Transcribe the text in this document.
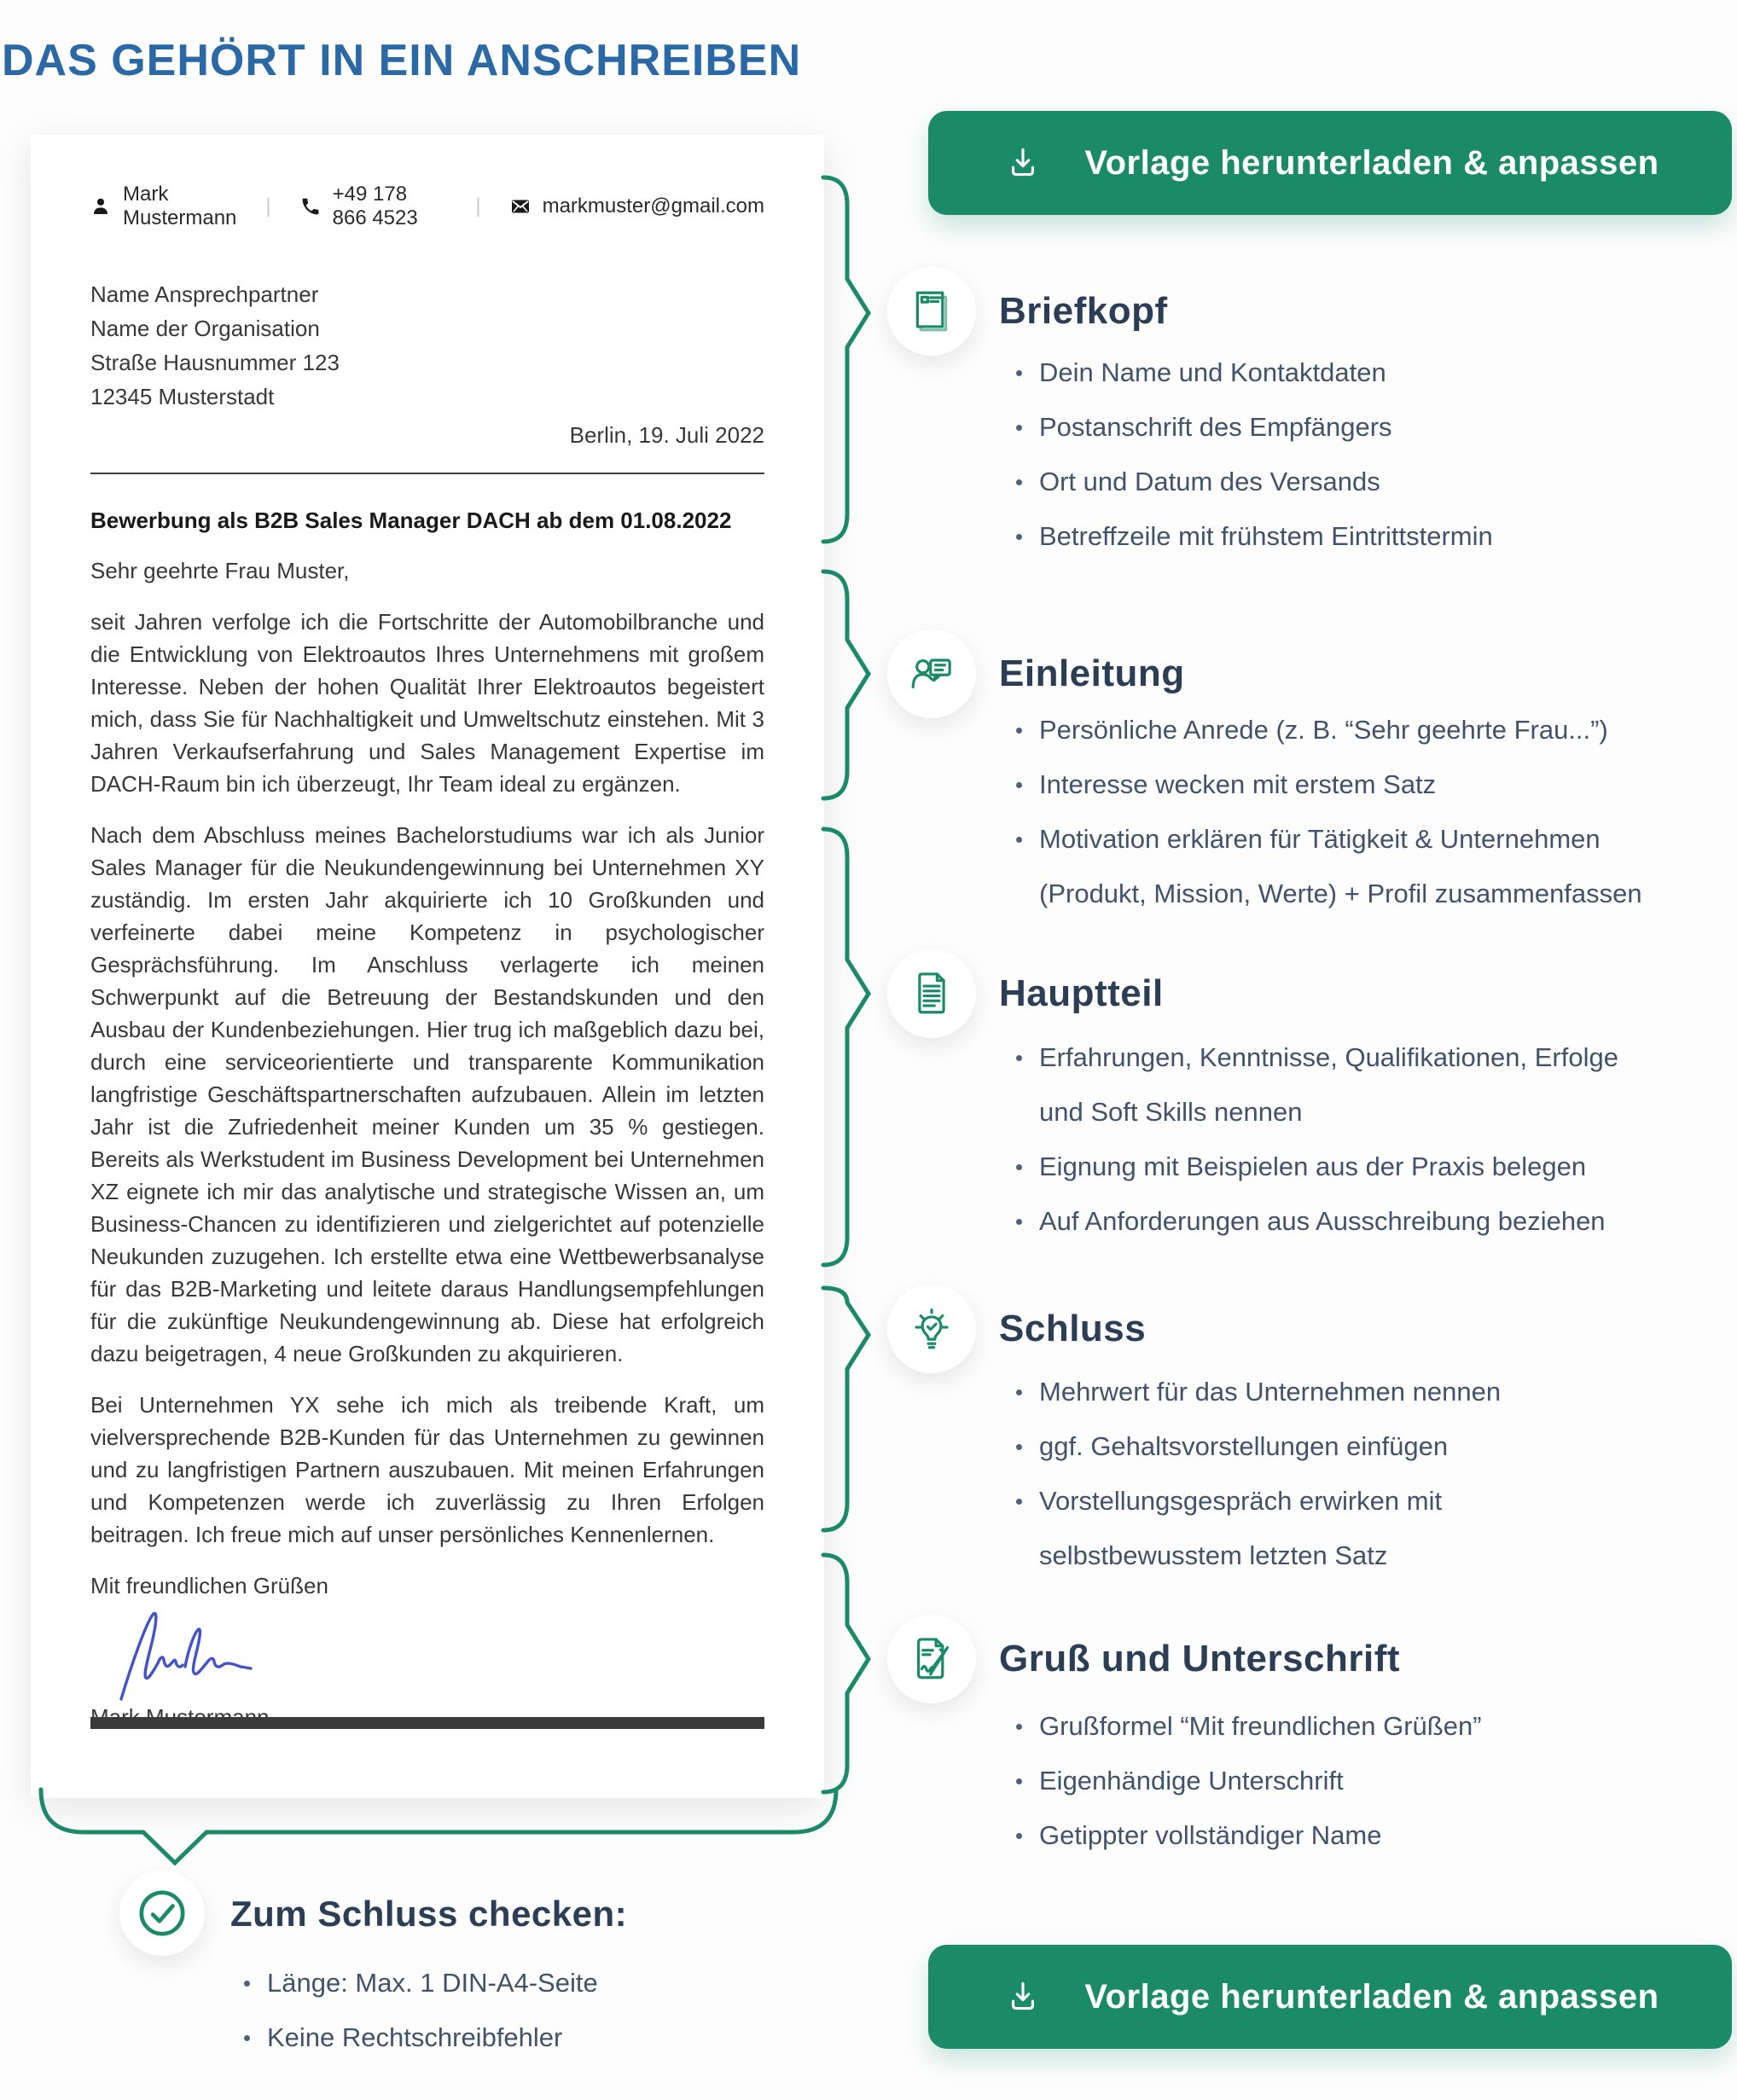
DAS GEHÖRT IN EIN ANSCHREIBEN
Mark Mustermann
|
+49 178 866 4523
|	markmuster@gmail.com

Name Ansprechpartner

Name der Organisation

Straße Hausnummer 123

12345 Musterstadt

Berlin, 19. Juli 2022
Bewerbung als B2B Sales Manager DACH ab dem 01.08.2022

Sehr geehrte Frau Muster,

seit Jahren verfolge ich die Fortschritte der Automobilbranche und die Entwicklung von Elektroautos Ihres Unternehmens mit großem Interesse. Neben der hohen Qualität Ihrer Elektroautos begeistert mich, dass Sie für Nachhaltigkeit und Umweltschutz einstehen. Mit 3 Jahren Verkaufserfahrung und Sales Management Expertise im DACH-Raum bin ich überzeugt, Ihr Team ideal zu ergänzen.

Nach dem Abschluss meines Bachelorstudiums war ich als Junior Sales Manager für die Neukundengewinnung bei Unternehmen XY zuständig. Im ersten Jahr akquirierte ich 10 Großkunden und verfeinerte dabei meine Kompetenz in psychologischer Gesprächsführung. Im Anschluss verlagerte ich meinen Schwerpunkt auf die Betreuung der Bestandskunden und den Ausbau der Kundenbeziehungen. Hier trug ich maßgeblich dazu bei, durch eine serviceorientierte und transparente Kommunikation langfristige Geschäftspartnerschaften aufzubauen. Allein im letzten Jahr ist die Zufriedenheit meiner Kunden um 35 % gestiegen. Bereits als Werkstudent im Business Development bei Unternehmen XZ eignete ich mir das analytische und strategische Wissen an, um Business-Chancen zu identifizieren und zielgerichtet auf potenzielle Neukunden zuzugehen. Ich erstellte etwa eine Wettbewerbsanalyse für das B2B-Marketing und leitete daraus Handlungsempfehlungen für die zukünftige Neukundengewinnung ab. Diese hat erfolgreich dazu beigetragen, 4 neue Großkunden zu akquirieren.

Bei Unternehmen YX sehe ich mich als treibende Kraft, um vielversprechende B2B-Kunden für das Unternehmen zu gewinnen und zu langfristigen Partnern auszubauen. Mit meinen Erfahrungen und Kompetenzen werde ich zuverlässig zu Ihren Erfolgen beitragen. Ich freue mich auf unser persönliches Kennenlernen.

Mit freundlichen Grüßen

Vorlage herunterladen & anpassen
Briefkopf
Dein Name und Kontaktdaten
Postanschrift des Empfängers
Ort und Datum des Versands
Betreffzeile mit frühstem Eintrittstermin
Einleitung
Persönliche Anrede (z. B. “Sehr geehrte Frau...”)
Interesse wecken mit erstem Satz
Motivation erklären für Tätigkeit & Unternehmen
(Produkt, Mission, Werte) + Profil zusammenfassen
Hauptteil
Erfahrungen, Kenntnisse, Qualifikationen, Erfolge
und Soft Skills nennen
Eignung mit Beispielen aus der Praxis belegen
Auf Anforderungen aus Ausschreibung beziehen
Schluss
Mehrwert für das Unternehmen nennen
ggf. Gehaltsvorstellungen einfügen
Vorstellungsgespräch erwirken mit
selbstbewusstem letzten Satz
Gruß und Unterschrift
Grußformel “Mit freundlichen Grüßen”
Eigenhändige Unterschrift
Getippter vollständiger Name
Zum Schluss checken:
Länge: Max. 1 DIN-A4-Seite
Keine Rechtschreibfehler
Vorlage herunterladen & anpassen
